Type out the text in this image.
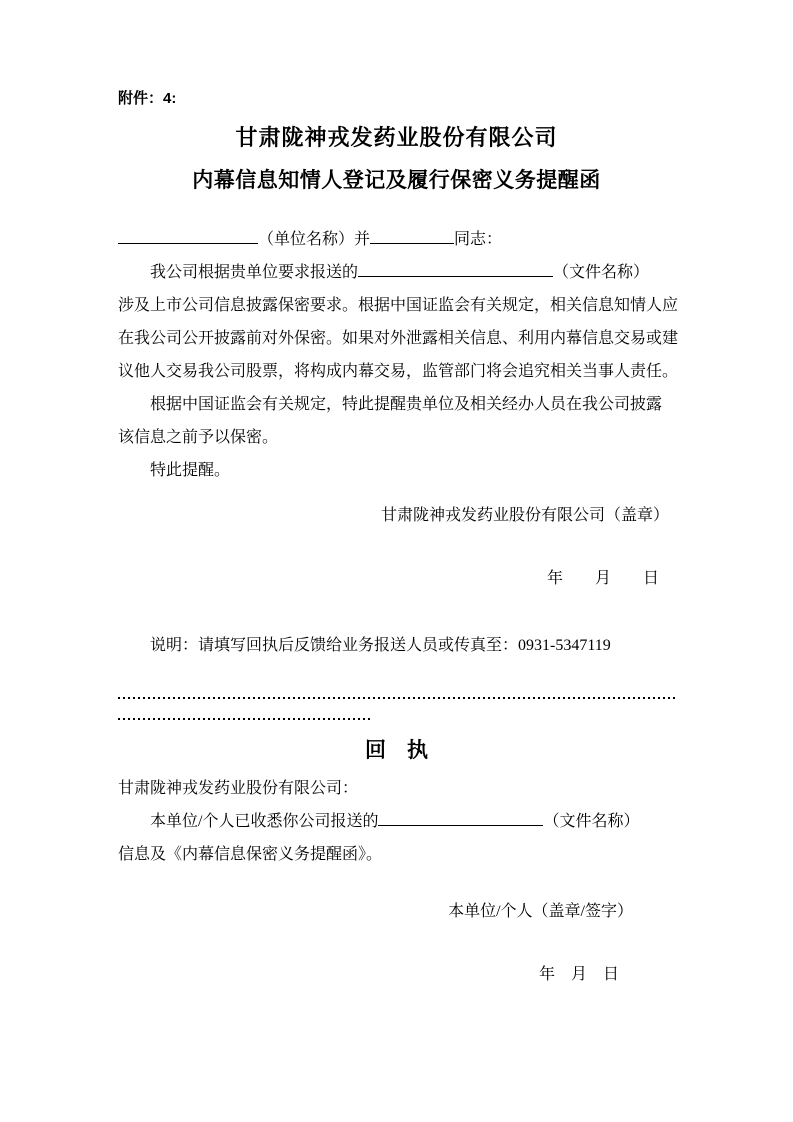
附件：4:
甘肃陇神戎发药业股份有限公司
内幕信息知情人登记及履行保密义务提醒函
（单位名称）并	同志：
我公司根据贵单位要求报送的	（文件名称）
涉及上市公司信息披露保密要求。根据中国证监会有关规定，相关信息知情人应
在我公司公开披露前对外保密。如果对外泄露相关信息、利用内幕信息交易或建
议他人交易我公司股票，将构成内幕交易，监管部门将会追究相关当事人责任。
根据中国证监会有关规定，特此提醒贵单位及相关经办人员在我公司披露
该信息之前予以保密。
特此提醒。
甘肃陇神戎发药业股份有限公司（盖章）
年　　月　　日
说明：请填写回执后反馈给业务报送人员或传真至：0931-5347119
回　执
甘肃陇神戎发药业股份有限公司：
本单位/个人已收悉你公司报送的	（文件名称）
信息及《内幕信息保密义务提醒函》。
本单位/个人（盖章/签字）
年　月　日
